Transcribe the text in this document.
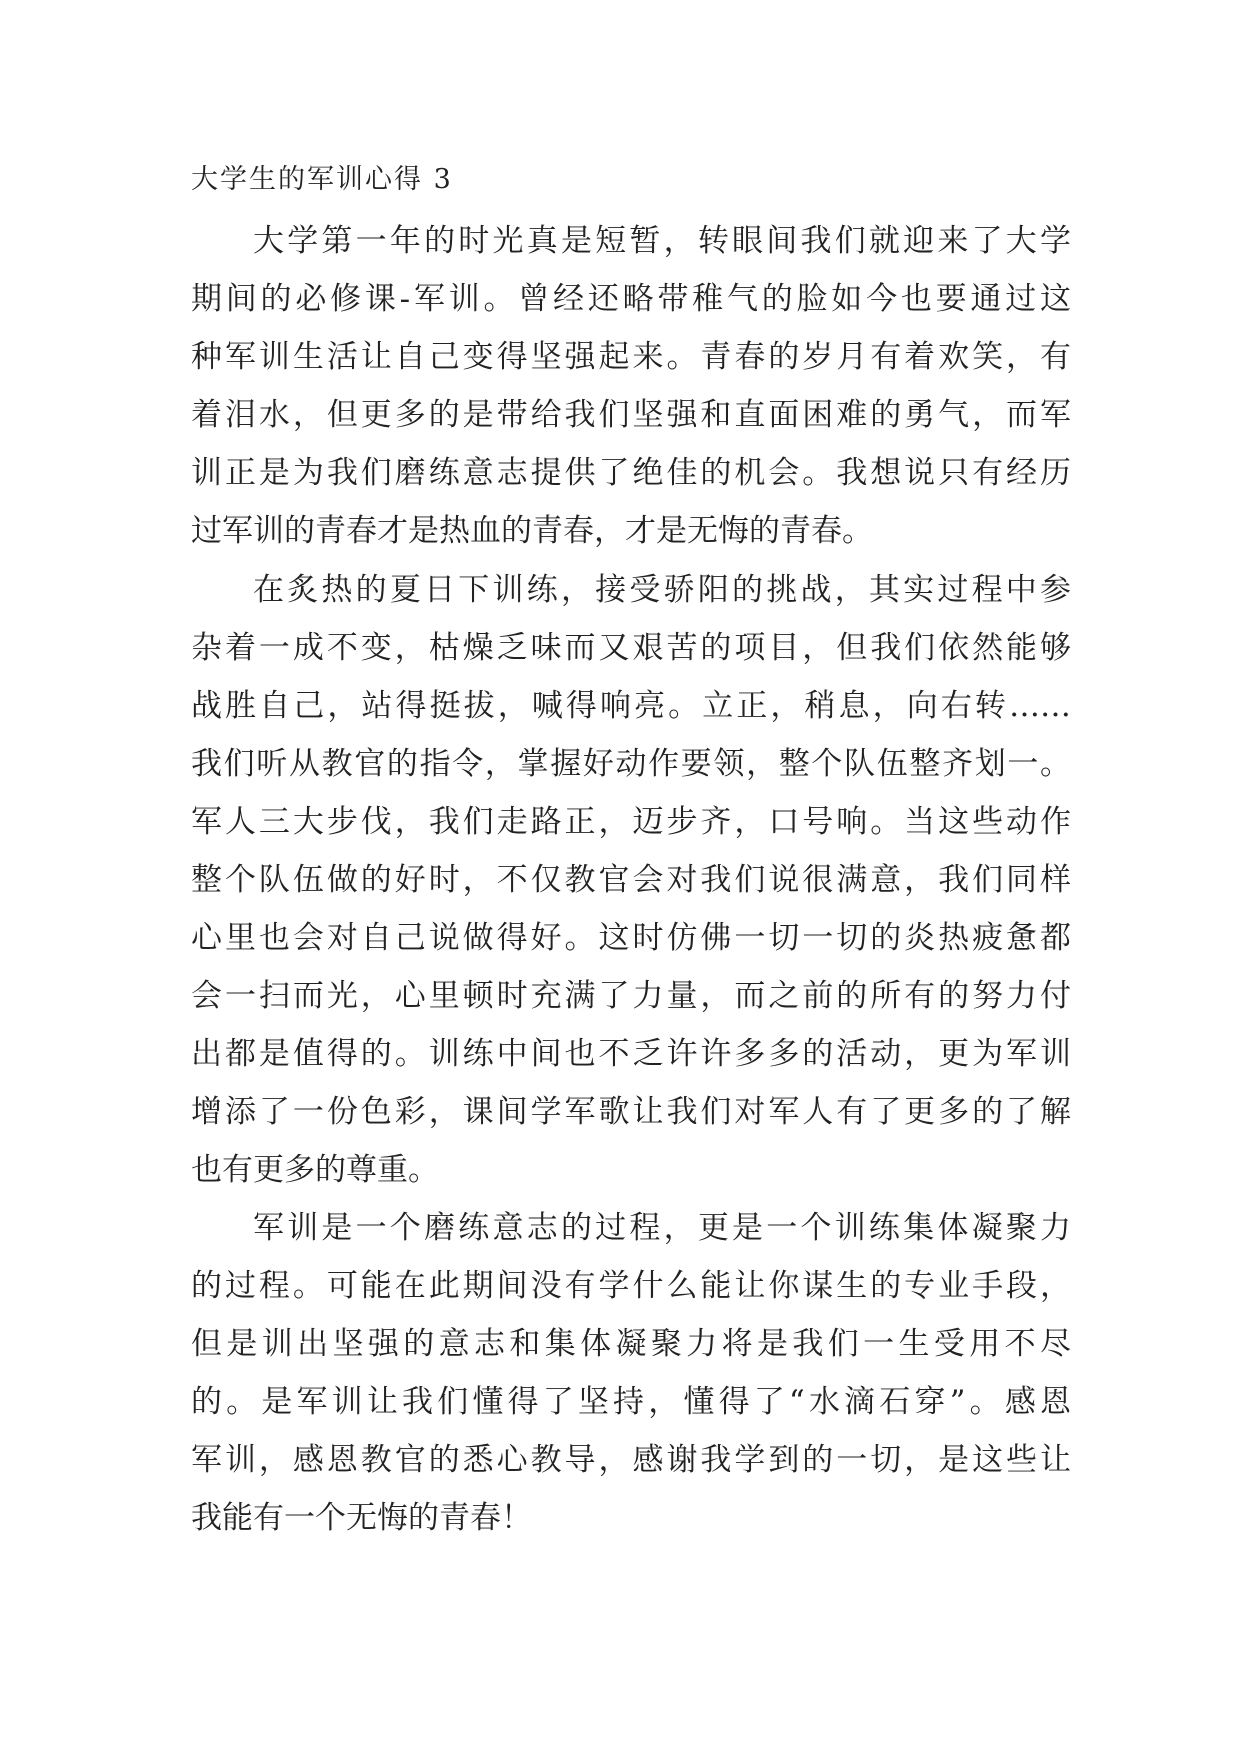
大学生的军训心得 3
大学第一年的时光真是短暂，转眼间我们就迎来了大学
期间的必修课-军训。曾经还略带稚气的脸如今也要通过这
种军训生活让自己变得坚强起来。青春的岁月有着欢笑，有
着泪水，但更多的是带给我们坚强和直面困难的勇气，而军
训正是为我们磨练意志提供了绝佳的机会。我想说只有经历
过军训的青春才是热血的青春，才是无悔的青春。
在炙热的夏日下训练，接受骄阳的挑战，其实过程中参
杂着一成不变，枯燥乏味而又艰苦的项目，但我们依然能够
战胜自己，站得挺拔，喊得响亮。立正，稍息，向右转……
我们听从教官的指令，掌握好动作要领，整个队伍整齐划一。
军人三大步伐，我们走路正，迈步齐，口号响。当这些动作
整个队伍做的好时，不仅教官会对我们说很满意，我们同样
心里也会对自己说做得好。这时仿佛一切一切的炎热疲惫都
会一扫而光，心里顿时充满了力量，而之前的所有的努力付
出都是值得的。训练中间也不乏许许多多的活动，更为军训
增添了一份色彩，课间学军歌让我们对军人有了更多的了解
也有更多的尊重。
军训是一个磨练意志的过程，更是一个训练集体凝聚力
的过程。可能在此期间没有学什么能让你谋生的专业手段，
但是训出坚强的意志和集体凝聚力将是我们一生受用不尽
的。是军训让我们懂得了坚持，懂得了“水滴石穿”。感恩
军训，感恩教官的悉心教导，感谢我学到的一切，是这些让
我能有一个无悔的青春！
